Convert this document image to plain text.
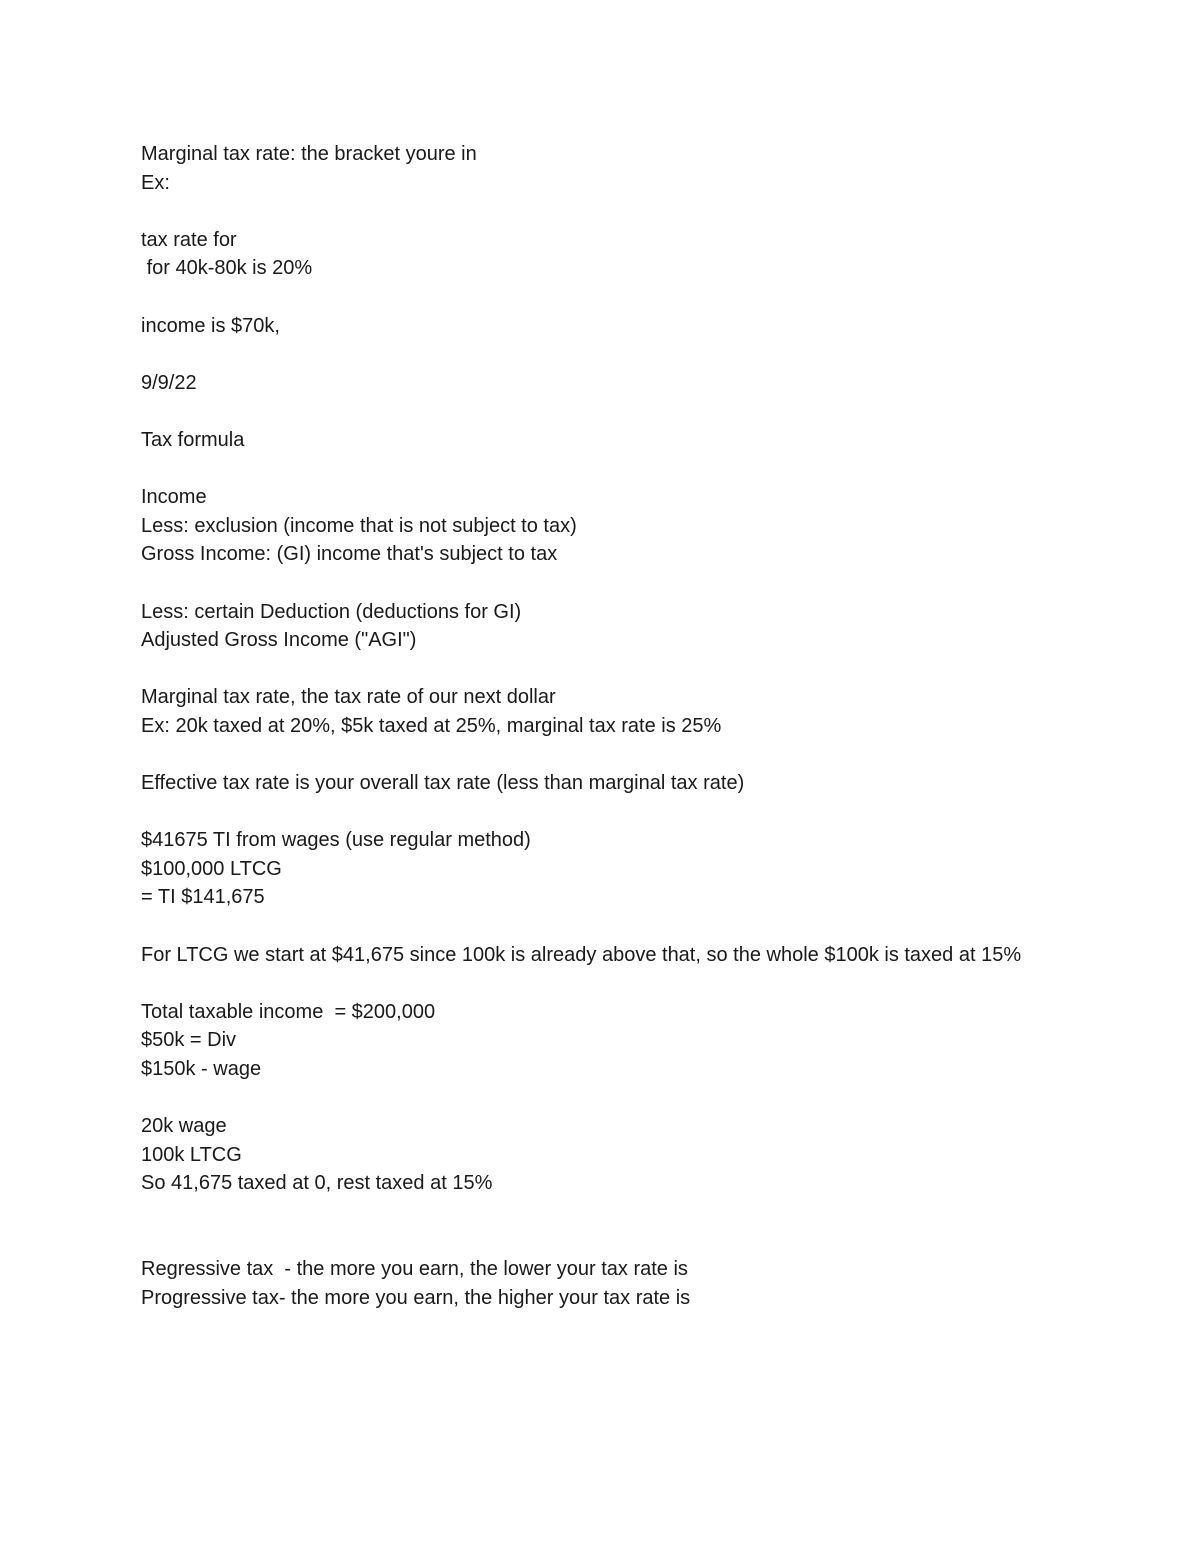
Marginal tax rate: the bracket youre in

Ex:

tax rate for

for 40k-80k is 20%

income is $70k,

9/9/22

Tax formula

Income

Less: exclusion (income that is not subject to tax)

Gross Income: (GI) income that's subject to tax

Less: certain Deduction (deductions for GI)

Adjusted Gross Income ("AGI")

Marginal tax rate, the tax rate of our next dollar

Ex: 20k taxed at 20%, $5k taxed at 25%, marginal tax rate is 25%

Effective tax rate is your overall tax rate (less than marginal tax rate)

$41675 TI from wages (use regular method)

$100,000 LTCG

= TI $141,675

For LTCG we start at $41,675 since 100k is already above that, so the whole $100k is taxed at 15%

Total taxable income  = $200,000

$50k = Div

$150k - wage

20k wage

100k LTCG

So 41,675 taxed at 0, rest taxed at 15%

Regressive tax  - the more you earn, the lower your tax rate is

Progressive tax- the more you earn, the higher your tax rate is
